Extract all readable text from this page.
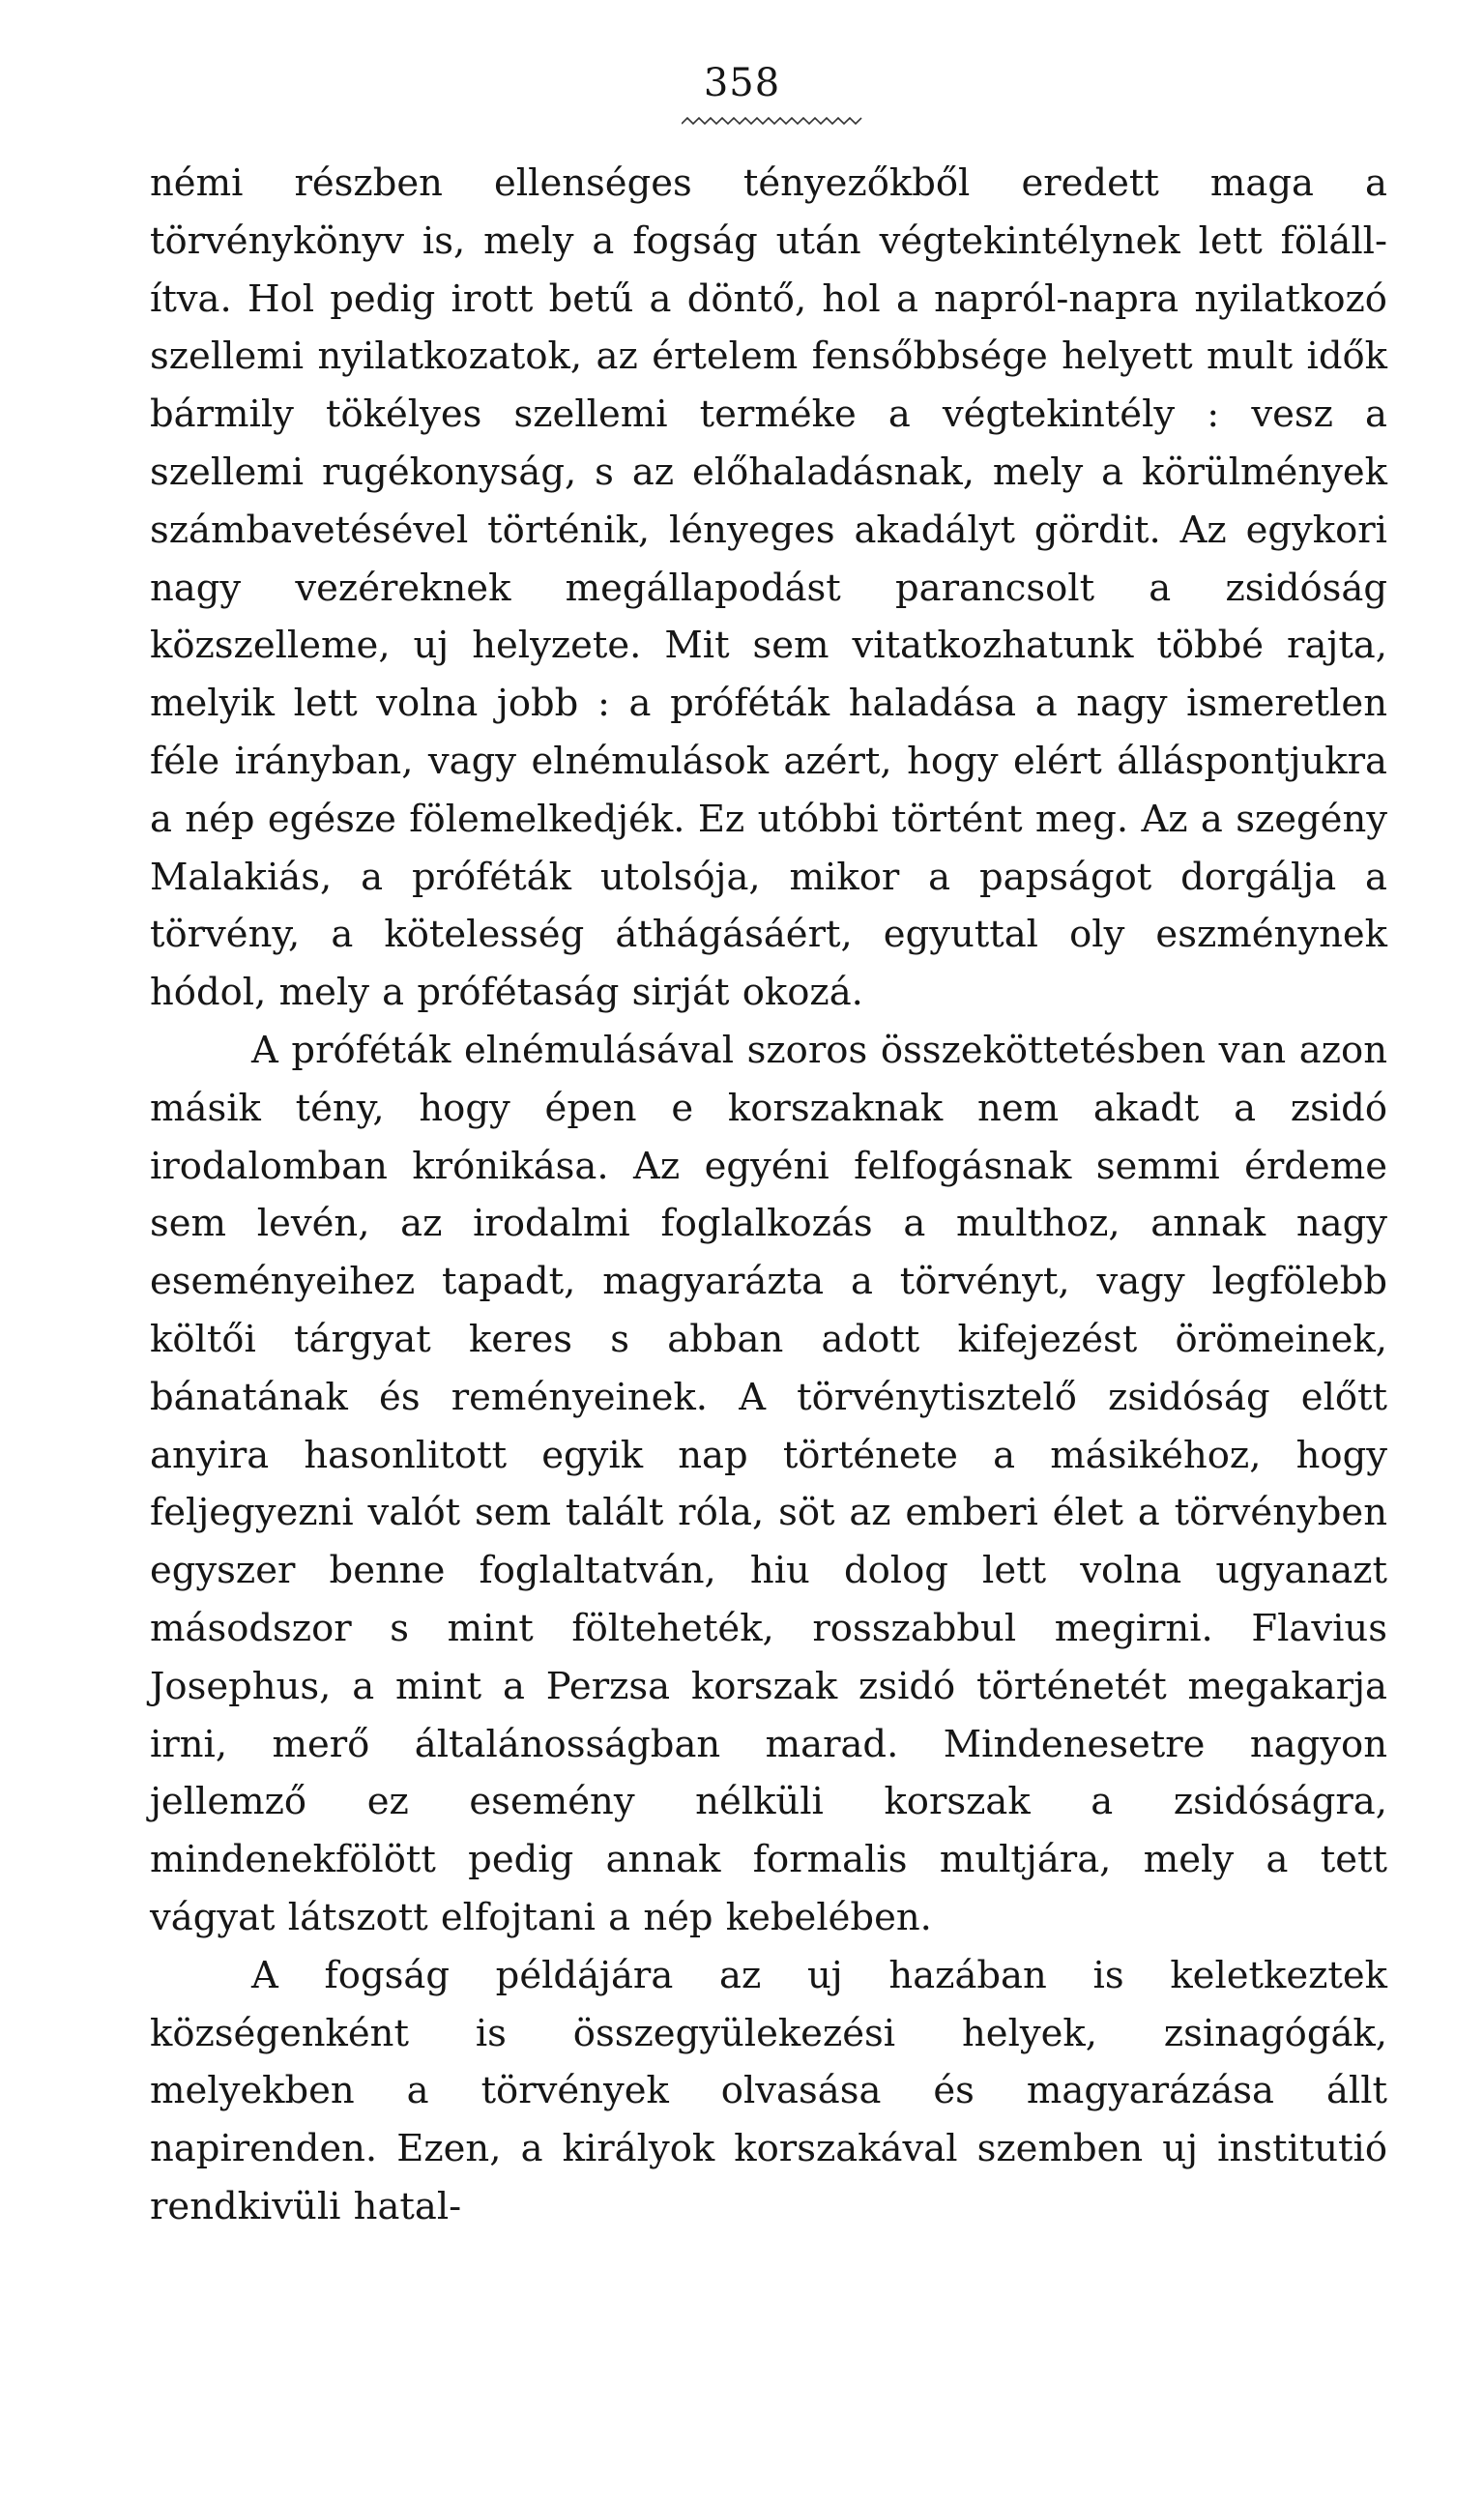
358

némi részben ellenséges tényezőkből eredett maga a törvénykönyv is, mely a fogság után végtekintélynek lett fölállítva. Hol pedig irott betű a döntő, hol a napról-napra nyilatkozó szellemi nyilatkozatok, az értelem fensőbbsége helyett mult idők bármily tökélyes szellemi terméke a végtekintély : vesz a szellemi rugékonyság, s az előhaladásnak, mely a körülmények számbavetésével történik, lényeges akadályt gördit. Az egykori nagy vezéreknek megállapodást parancsolt a zsidóság közszelleme, uj helyzete. Mit sem vitatkozhatunk többé rajta, melyik lett volna jobb : a próféták haladása a nagy ismeretlen féle irányban, vagy elnémulások azért, hogy elért álláspontjukra a nép egésze fölemelkedjék. Ez utóbbi történt meg. Az a szegény Malakiás, a próféták utolsója, mikor a papságot dorgálja a törvény, a kötelesség áthágásáért, egyuttal oly eszménynek hódol, mely a prófétaság sirját okozá.

A próféták elnémulásával szoros összeköttetésben van azon másik tény, hogy épen e korszaknak nem akadt a zsidó irodalomban krónikása. Az egyéni felfogásnak semmi érdeme sem levén, az irodalmi foglalkozás a multhoz, annak nagy eseményeihez tapadt, magyarázta a törvényt, vagy legfölebb költői tárgyat keres s abban adott kifejezést örömeinek, bánatának és reményeinek. A törvénytisztelő zsidóság előtt anyira hasonlitott egyik nap története a másikéhoz, hogy feljegyezni valót sem talált róla, söt az emberi élet a törvényben egyszer benne foglaltatván, hiu dolog lett volna ugyanazt másodszor s mint fölteheték, rosszabbul megirni. Flavius Josephus, a mint a Perzsa korszak zsidó történetét megakarja irni, merő általánosságban marad. Mindenesetre nagyon jellemző ez esemény nélküli korszak a zsidóságra, mindenekfölött pedig annak formalis multjára, mely a tett vágyat látszott elfojtani a nép kebelében.

A fogság példájára az uj hazában is keletkeztek községenként is összegyülekezési helyek, zsinagógák, melyekben a törvények olvasása és magyarázása állt napirenden. Ezen, a királyok korszakával szemben uj institutió rendkivüli hatal-
